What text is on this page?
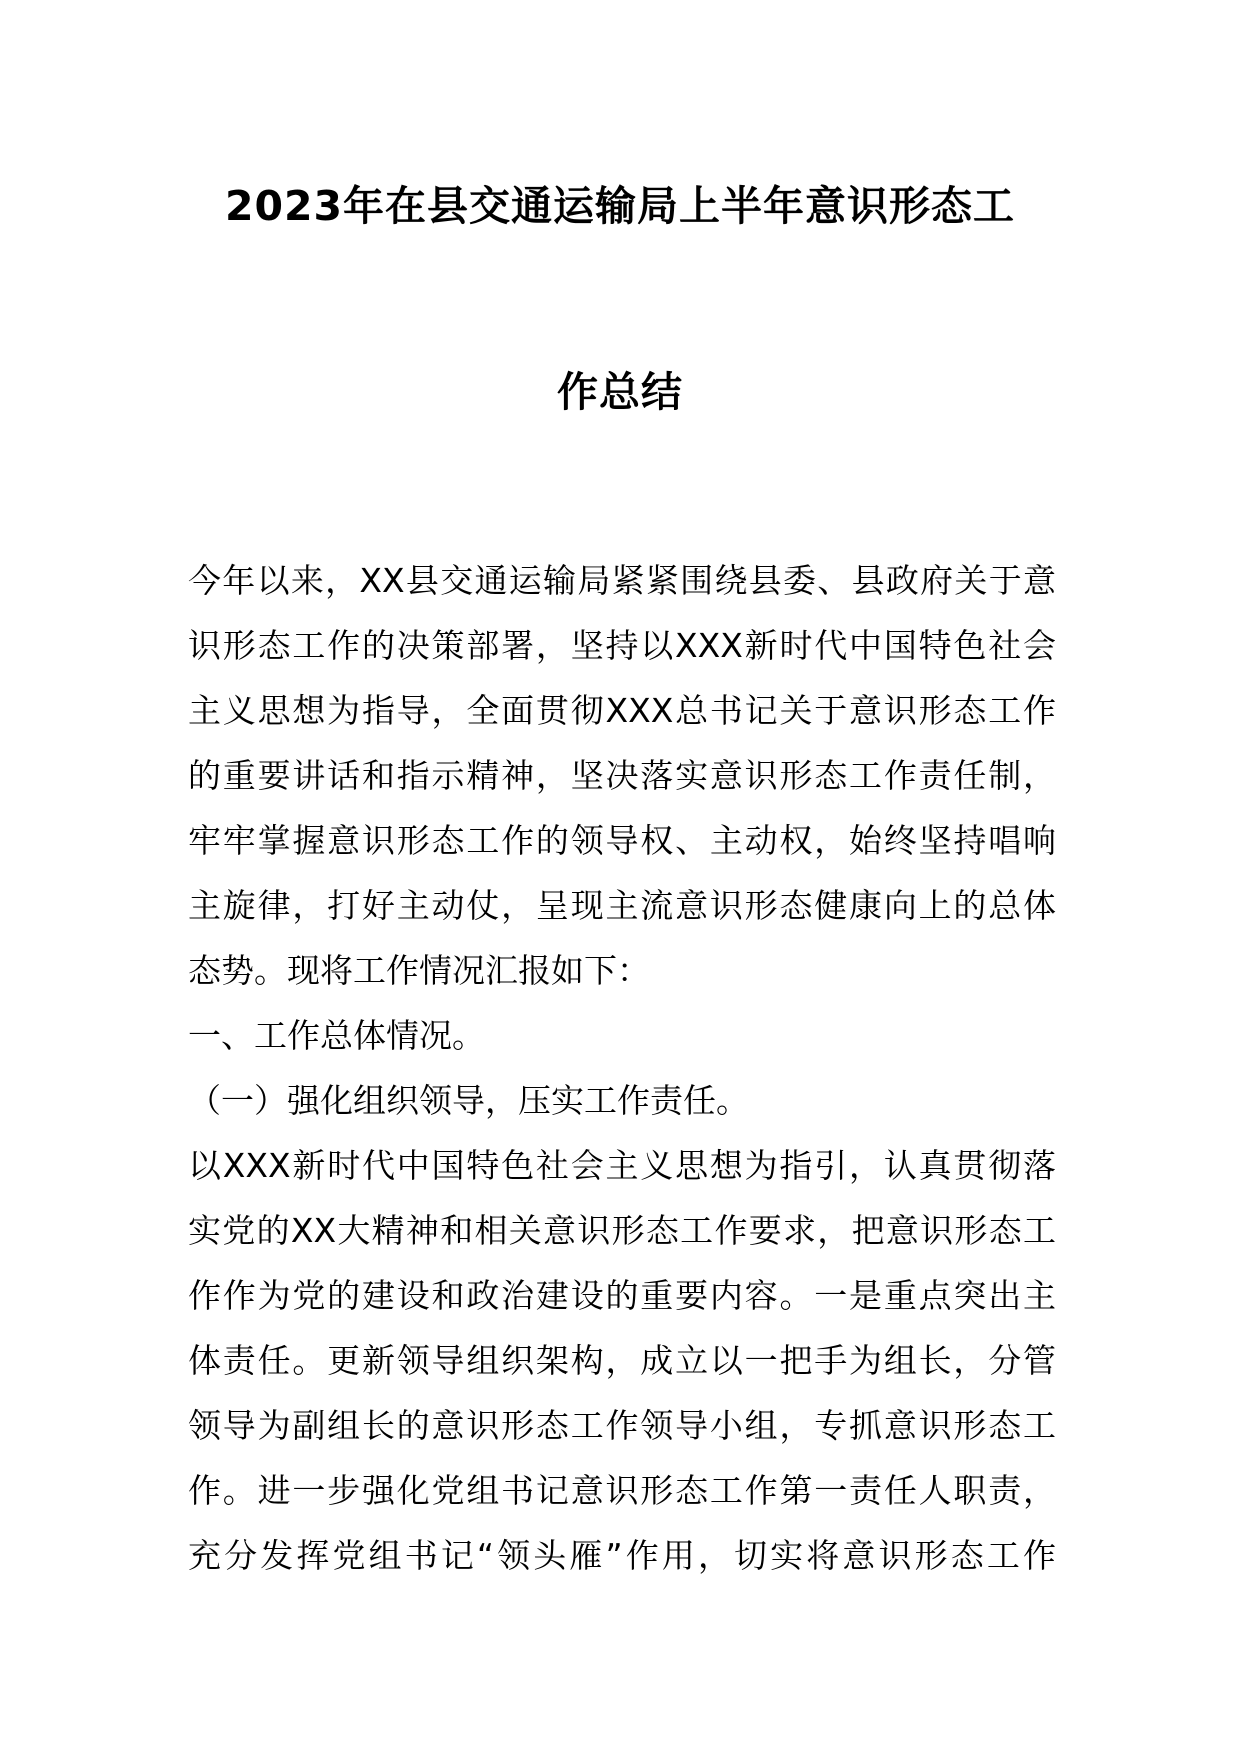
2023年在县交通运输局上半年意识形态工
作总结
今年以来，XX县交通运输局紧紧围绕县委、县政府关于意
识形态工作的决策部署，坚持以XXX新时代中国特色社会
主义思想为指导，全面贯彻XXX总书记关于意识形态工作
的重要讲话和指示精神，坚决落实意识形态工作责任制，
牢牢掌握意识形态工作的领导权、主动权，始终坚持唱响
主旋律，打好主动仗，呈现主流意识形态健康向上的总体
态势。现将工作情况汇报如下：
一、工作总体情况。
（一）强化组织领导，压实工作责任。
以XXX新时代中国特色社会主义思想为指引，认真贯彻落
实党的XX大精神和相关意识形态工作要求，把意识形态工
作作为党的建设和政治建设的重要内容。一是重点突出主
体责任。更新领导组织架构，成立以一把手为组长，分管
领导为副组长的意识形态工作领导小组，专抓意识形态工
作。进一步强化党组书记意识形态工作第一责任人职责，
充分发挥党组书记“领头雁”作用，切实将意识形态工作
